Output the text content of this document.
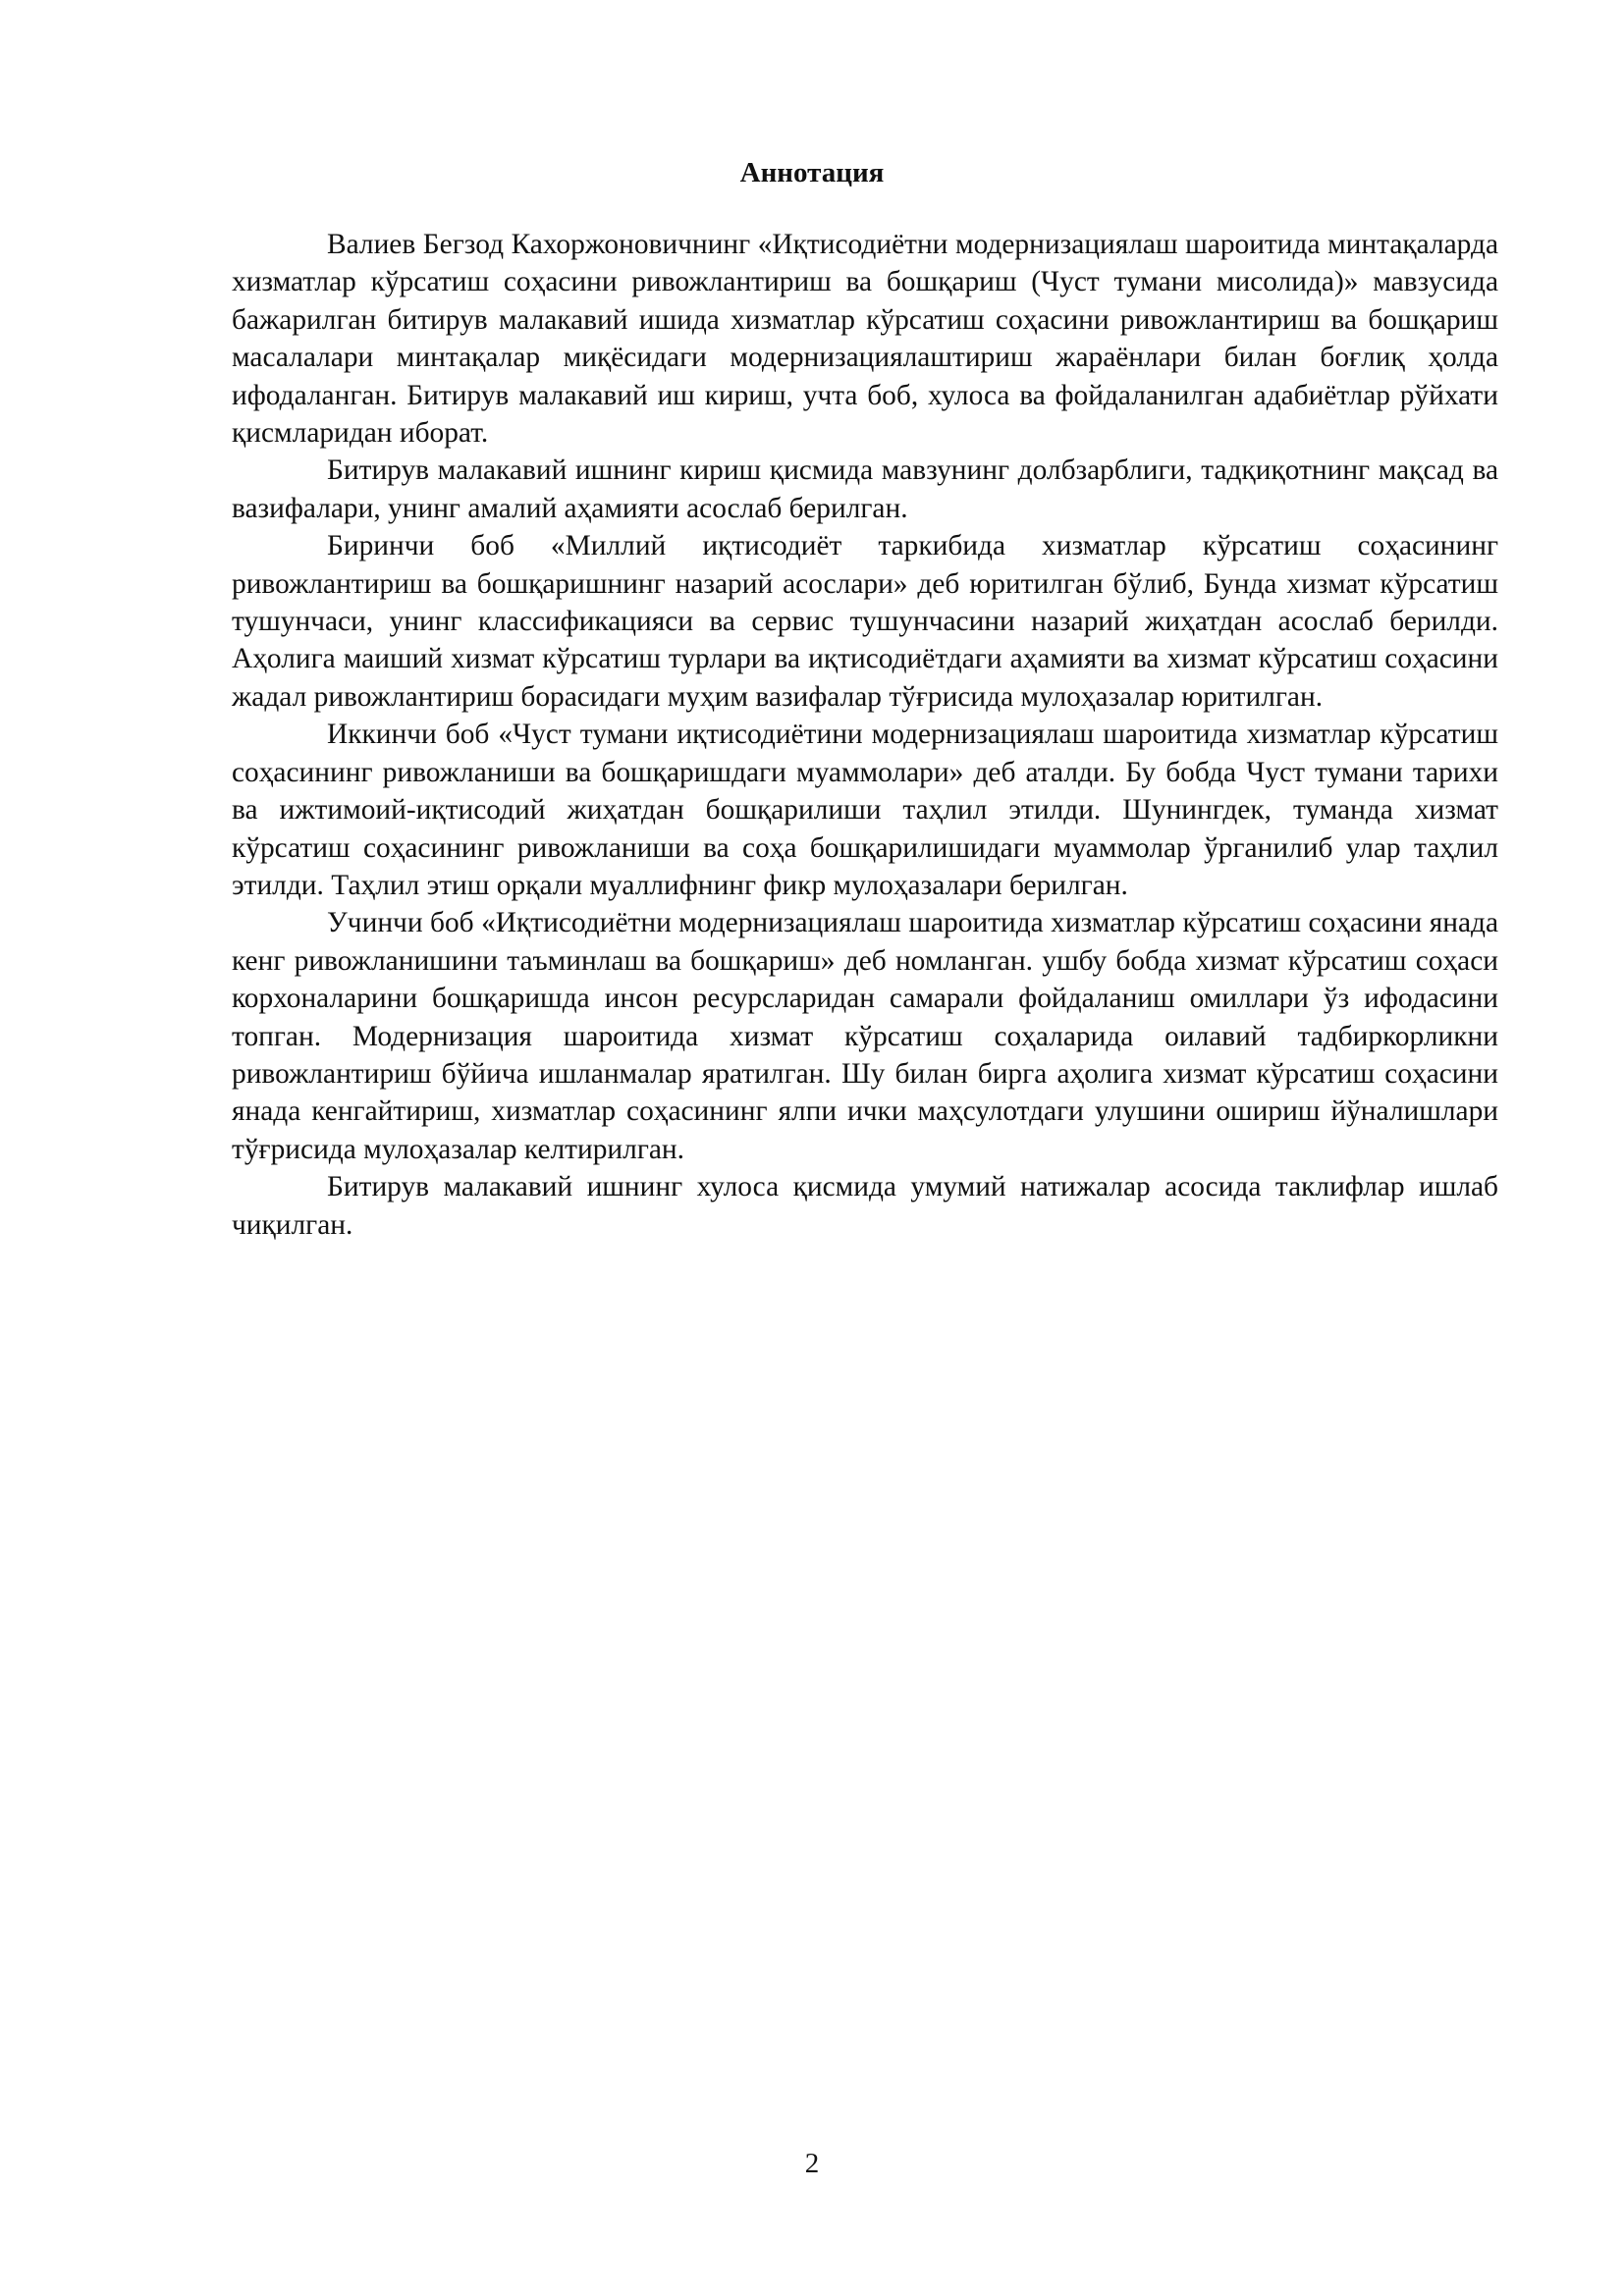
Аннотация

Валиев Бегзод Кахоржоновичнинг «Иқтисодиётни модернизациялаш шароитида минтақаларда хизматлар кўрсатиш соҳасини ривожлантириш ва бошқариш (Чуст тумани мисолида)» мавзусида бажарилган битирув малакавий ишида хизматлар кўрсатиш соҳасини ривожлантириш ва бошқариш масалалари минтақалар миқёсидаги модернизациялаштириш жараёнлари билан боғлиқ ҳолда ифодаланган. Битирув малакавий иш кириш, учта боб, хулоса ва фойдаланилган адабиётлар рўйхати қисмларидан иборат.

Битирув малакавий ишнинг кириш қисмида мавзунинг долбзарблиги, тадқиқотнинг мақсад ва вазифалари, унинг амалий аҳамияти асослаб берилган.

Биринчи боб «Миллий иқтисодиёт таркибида хизматлар кўрсатиш соҳасининг ривожлантириш ва бошқаришнинг назарий асослари» деб юритилган бўлиб, Бунда хизмат кўрсатиш тушунчаси, унинг классификацияси ва сервис тушунчасини назарий жиҳатдан асослаб берилди. Аҳолига маиший хизмат кўрсатиш турлари ва иқтисодиётдаги аҳамияти ва хизмат кўрсатиш соҳасини жадал ривожлантириш борасидаги муҳим вазифалар тўғрисида мулоҳазалар юритилган.

Иккинчи боб «Чуст тумани иқтисодиётини модернизациялаш шароитида хизматлар кўрсатиш соҳасининг ривожланиши ва бошқаришдаги муаммолари» деб аталди. Бу бобда Чуст тумани тарихи ва ижтимоий-иқтисодий жиҳатдан бошқарилиши таҳлил этилди. Шунингдек, туманда хизмат кўрсатиш соҳасининг ривожланиши ва соҳа бошқарилишидаги муаммолар ўрганилиб улар таҳлил этилди. Таҳлил этиш орқали муаллифнинг фикр мулоҳазалари берилган.

Учинчи боб «Иқтисодиётни модернизациялаш шароитида хизматлар кўрсатиш соҳасини янада кенг ривожланишини таъминлаш ва бошқариш» деб номланган. ушбу бобда хизмат кўрсатиш соҳаси корхоналарини бошқаришда инсон ресурсларидан самарали фойдаланиш омиллари ўз ифодасини топган. Модернизация шароитида хизмат кўрсатиш соҳаларида оилавий тадбиркорликни ривожлантириш бўйича ишланмалар яратилган. Шу билан бирга аҳолига хизмат кўрсатиш соҳасини янада кенгайтириш, хизматлар соҳасининг ялпи ички маҳсулотдаги улушини ошириш йўналишлари тўғрисида мулоҳазалар келтирилган.

Битирув малакавий ишнинг хулоса қисмида умумий натижалар асосида таклифлар ишлаб чиқилган.

2
